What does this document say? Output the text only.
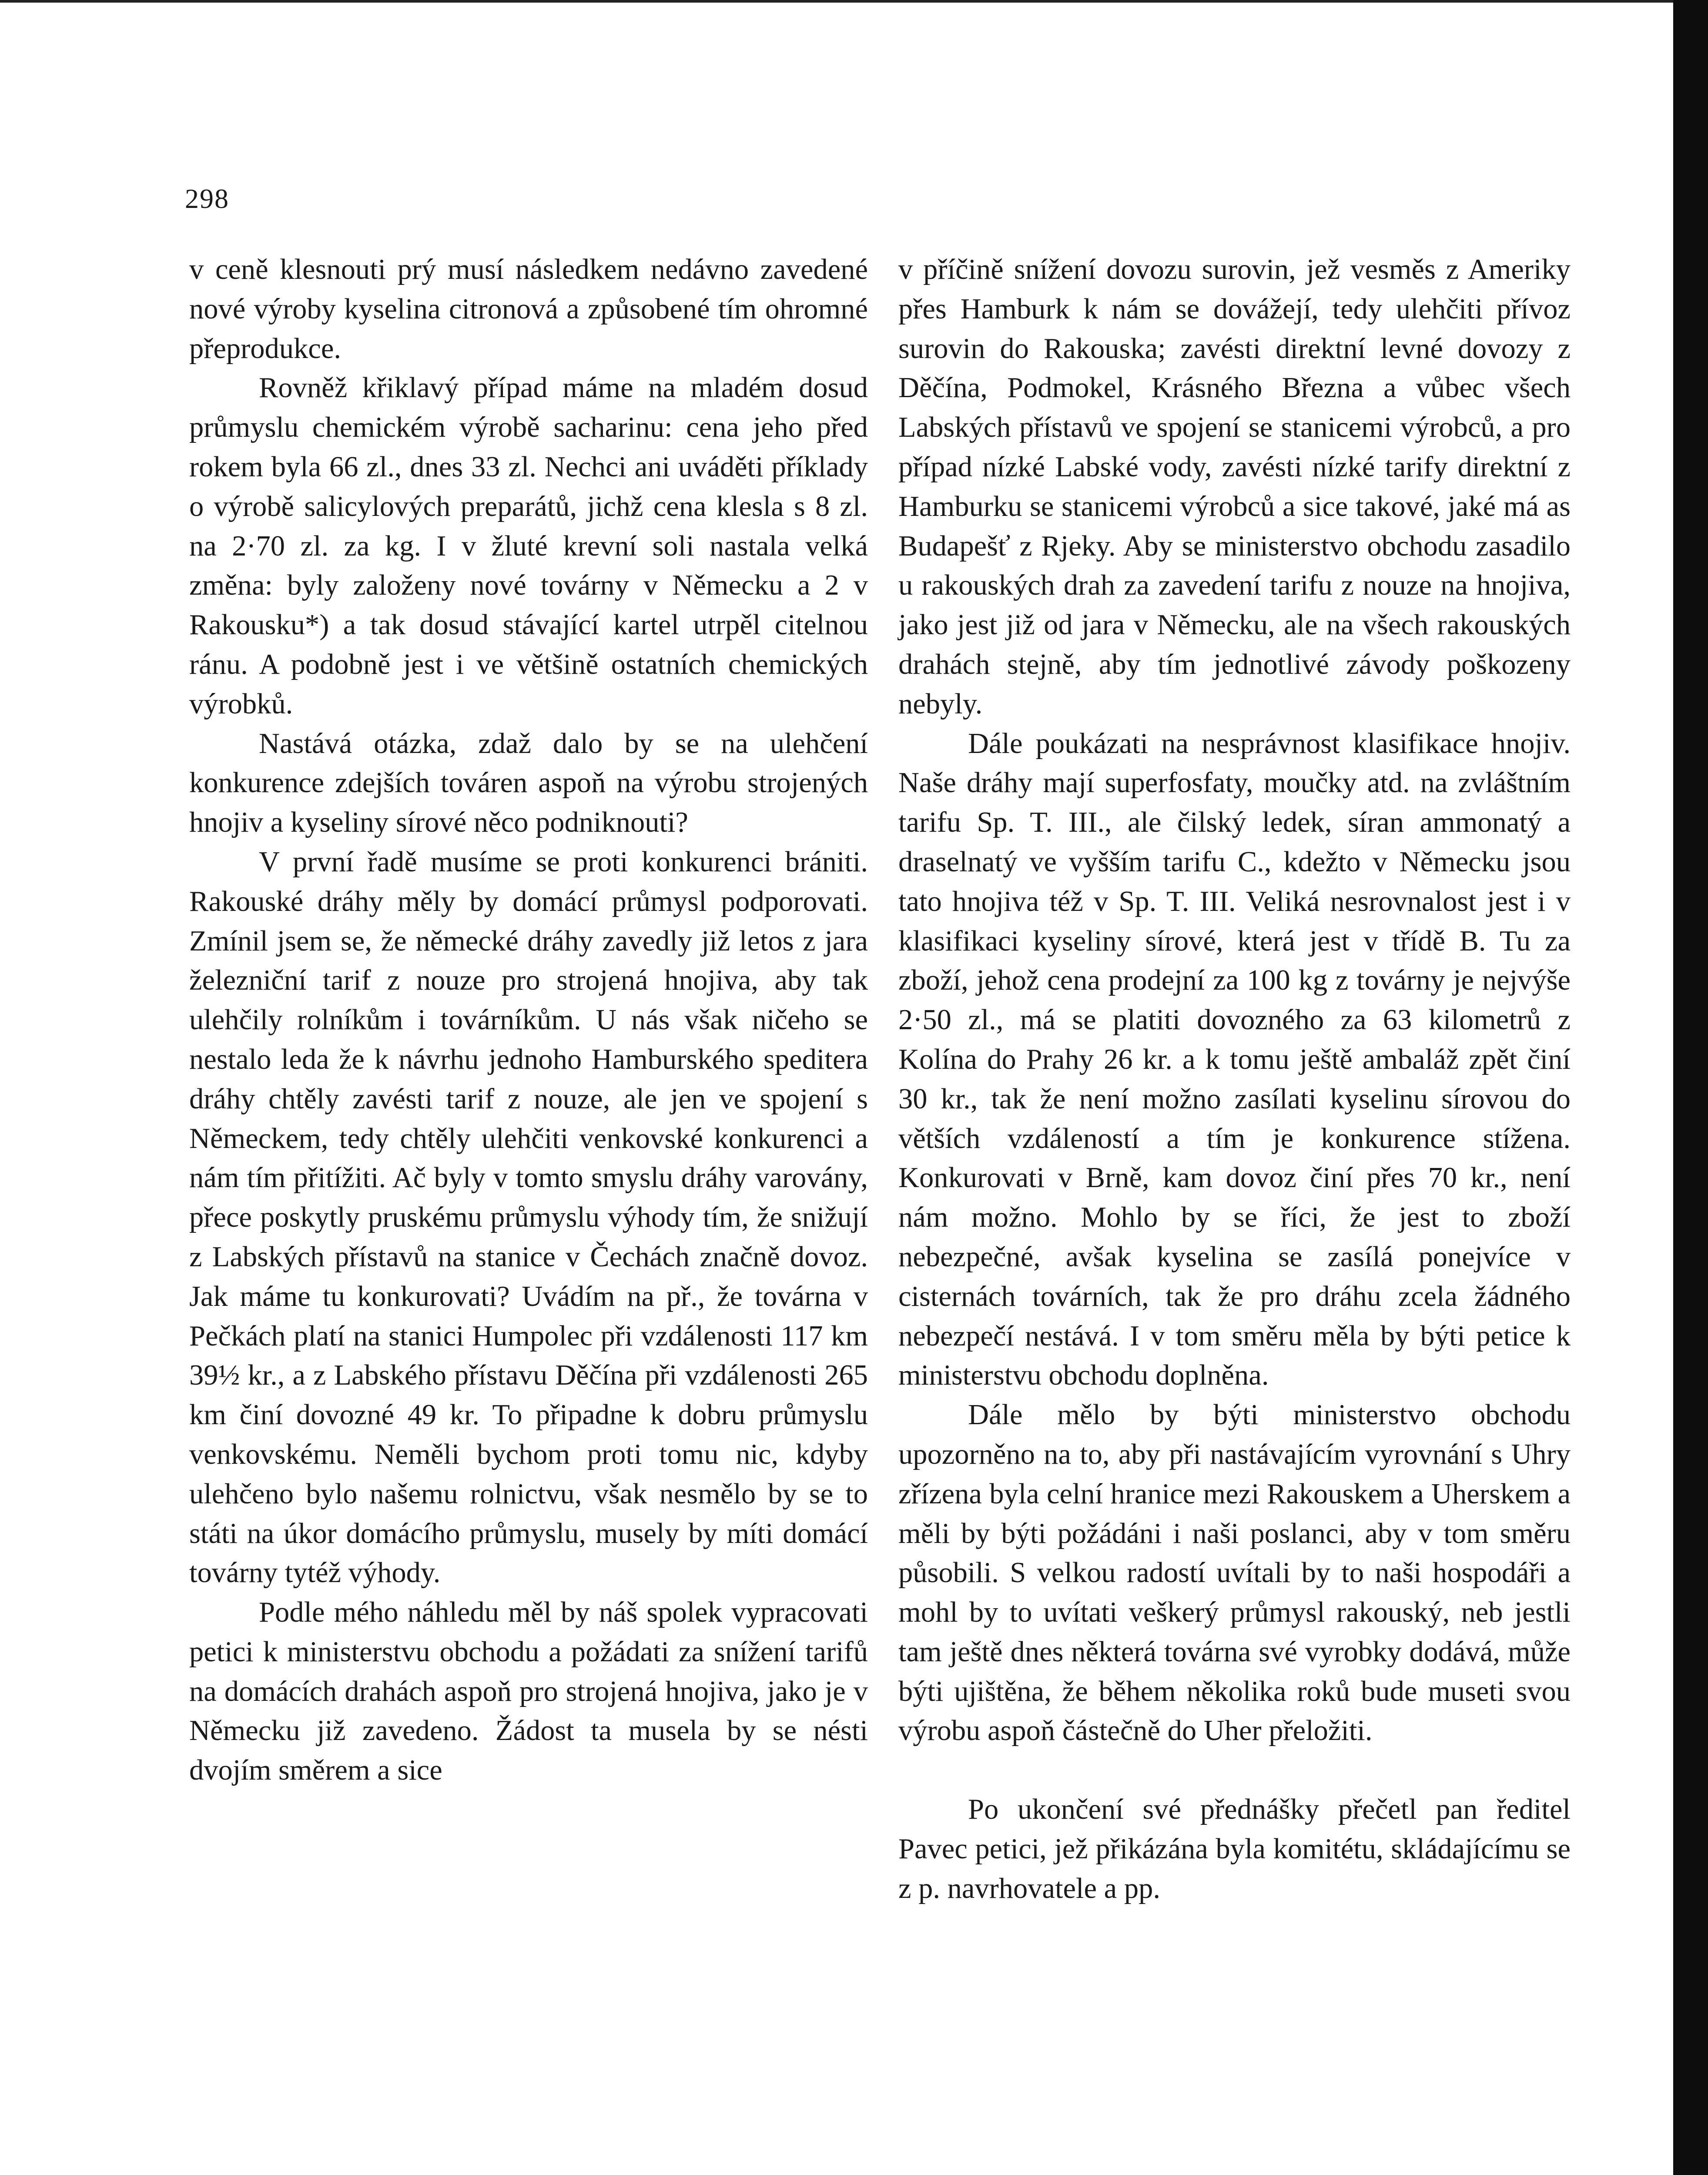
298

v ceně klesnouti prý musí následkem nedávno zavedené nové výroby kyselina citronová a způsobené tím ohromné přeprodukce.

Rovněž křiklavý případ máme na mladém dosud průmyslu chemickém výrobě sacharinu: cena jeho před rokem byla 66 zl., dnes 33 zl. Nechci ani uváděti příklady o výrobě salicylových preparátů, jichž cena klesla s 8 zl. na 2·70 zl. za kg. I v žluté krevní soli nastala velká změna: byly založeny nové továrny v Německu a 2 v Rakousku*) a tak dosud stávající kartel utrpěl citelnou ránu. A podobně jest i ve většině ostatních chemických výrobků.

Nastává otázka, zdaž dalo by se na ulehčení konkurence zdejších továren aspoň na výrobu strojených hnojiv a kyseliny sírové něco podniknouti?

V první řadě musíme se proti konkurenci brániti. Rakouské dráhy měly by domácí průmysl podporovati. Zmínil jsem se, že německé dráhy zavedly již letos z jara železniční tarif z nouze pro strojená hnojiva, aby tak ulehčily rolníkům i továrníkům. U nás však ničeho se nestalo leda že k návrhu jednoho Hamburského speditera dráhy chtěly zavésti tarif z nouze, ale jen ve spojení s Německem, tedy chtěly ulehčiti venkovské konkurenci a nám tím přitížiti. Ač byly v tomto smyslu dráhy varovány, přece poskytly pruskému průmyslu výhody tím, že snižují z Labských přístavů na stanice v Čechách značně dovoz. Jak máme tu konkurovati? Uvádím na př., že továrna v Pečkách platí na stanici Humpolec při vzdálenosti 117 km 39½ kr., a z Labského přístavu Děčína při vzdálenosti 265 km činí dovozné 49 kr. To připadne k dobru průmyslu venkovskému. Neměli bychom proti tomu nic, kdyby ulehčeno bylo našemu rolnictvu, však nesmělo by se to státi na úkor domácího průmyslu, musely by míti domácí továrny tytéž výhody.

Podle mého náhledu měl by náš spolek vypracovati petici k ministerstvu obchodu a požádati za snížení tarifů na domácích drahách aspoň pro strojená hnojiva, jako je v Německu již zavedeno. Žádost ta musela by se nésti dvojím směrem a sice

v příčině snížení dovozu surovin, jež vesměs z Ameriky přes Hamburk k nám se dovážejí, tedy ulehčiti přívoz surovin do Rakouska; zavésti direktní levné dovozy z Děčína, Podmokel, Krásného Března a vůbec všech Labských přístavů ve spojení se stanicemi výrobců, a pro případ nízké Labské vody, zavésti nízké tarify direktní z Hamburku se stanicemi výrobců a sice takové, jaké má as Budapešť z Rjeky. Aby se ministerstvo obchodu zasadilo u rakouských drah za zavedení tarifu z nouze na hnojiva, jako jest již od jara v Německu, ale na všech rakouských drahách stejně, aby tím jednotlivé závody poškozeny nebyly.

Dále poukázati na nesprávnost klasifikace hnojiv. Naše dráhy mají superfosfaty, moučky atd. na zvláštním tarifu Sp. T. III., ale čilský ledek, síran ammonatý a draselnatý ve vyšším tarifu C., kdežto v Německu jsou tato hnojiva též v Sp. T. III. Veliká nesrovnalost jest i v klasifikaci kyseliny sírové, která jest v třídě B. Tu za zboží, jehož cena prodejní za 100 kg z továrny je nejvýše 2·50 zl., má se platiti dovozného za 63 kilometrů z Kolína do Prahy 26 kr. a k tomu ještě ambaláž zpět činí 30 kr., tak že není možno zasílati kyselinu sírovou do větších vzdáleností a tím je konkurence stížena. Konkurovati v Brně, kam dovoz činí přes 70 kr., není nám možno. Mohlo by se říci, že jest to zboží nebezpečné, avšak kyselina se zasílá ponejvíce v cisternách továrních, tak že pro dráhu zcela žádného nebezpečí nestává. I v tom směru měla by býti petice k ministerstvu obchodu doplněna.

Dále mělo by býti ministerstvo obchodu upozorněno na to, aby při nastávajícím vyrovnání s Uhry zřízena byla celní hranice mezi Rakouskem a Uherskem a měli by býti požádáni i naši poslanci, aby v tom směru působili. S velkou radostí uvítali by to naši hospodáři a mohl by to uvítati veškerý průmysl rakouský, neb jestli tam ještě dnes některá továrna své vyrobky dodává, může býti ujištěna, že během několika roků bude museti svou výrobu aspoň částečně do Uher přeložiti.

Po ukončení své přednášky přečetl pan ředitel Pavec petici, jež přikázána byla komitétu, skládajícímu se z p. navrhovatele a pp.
